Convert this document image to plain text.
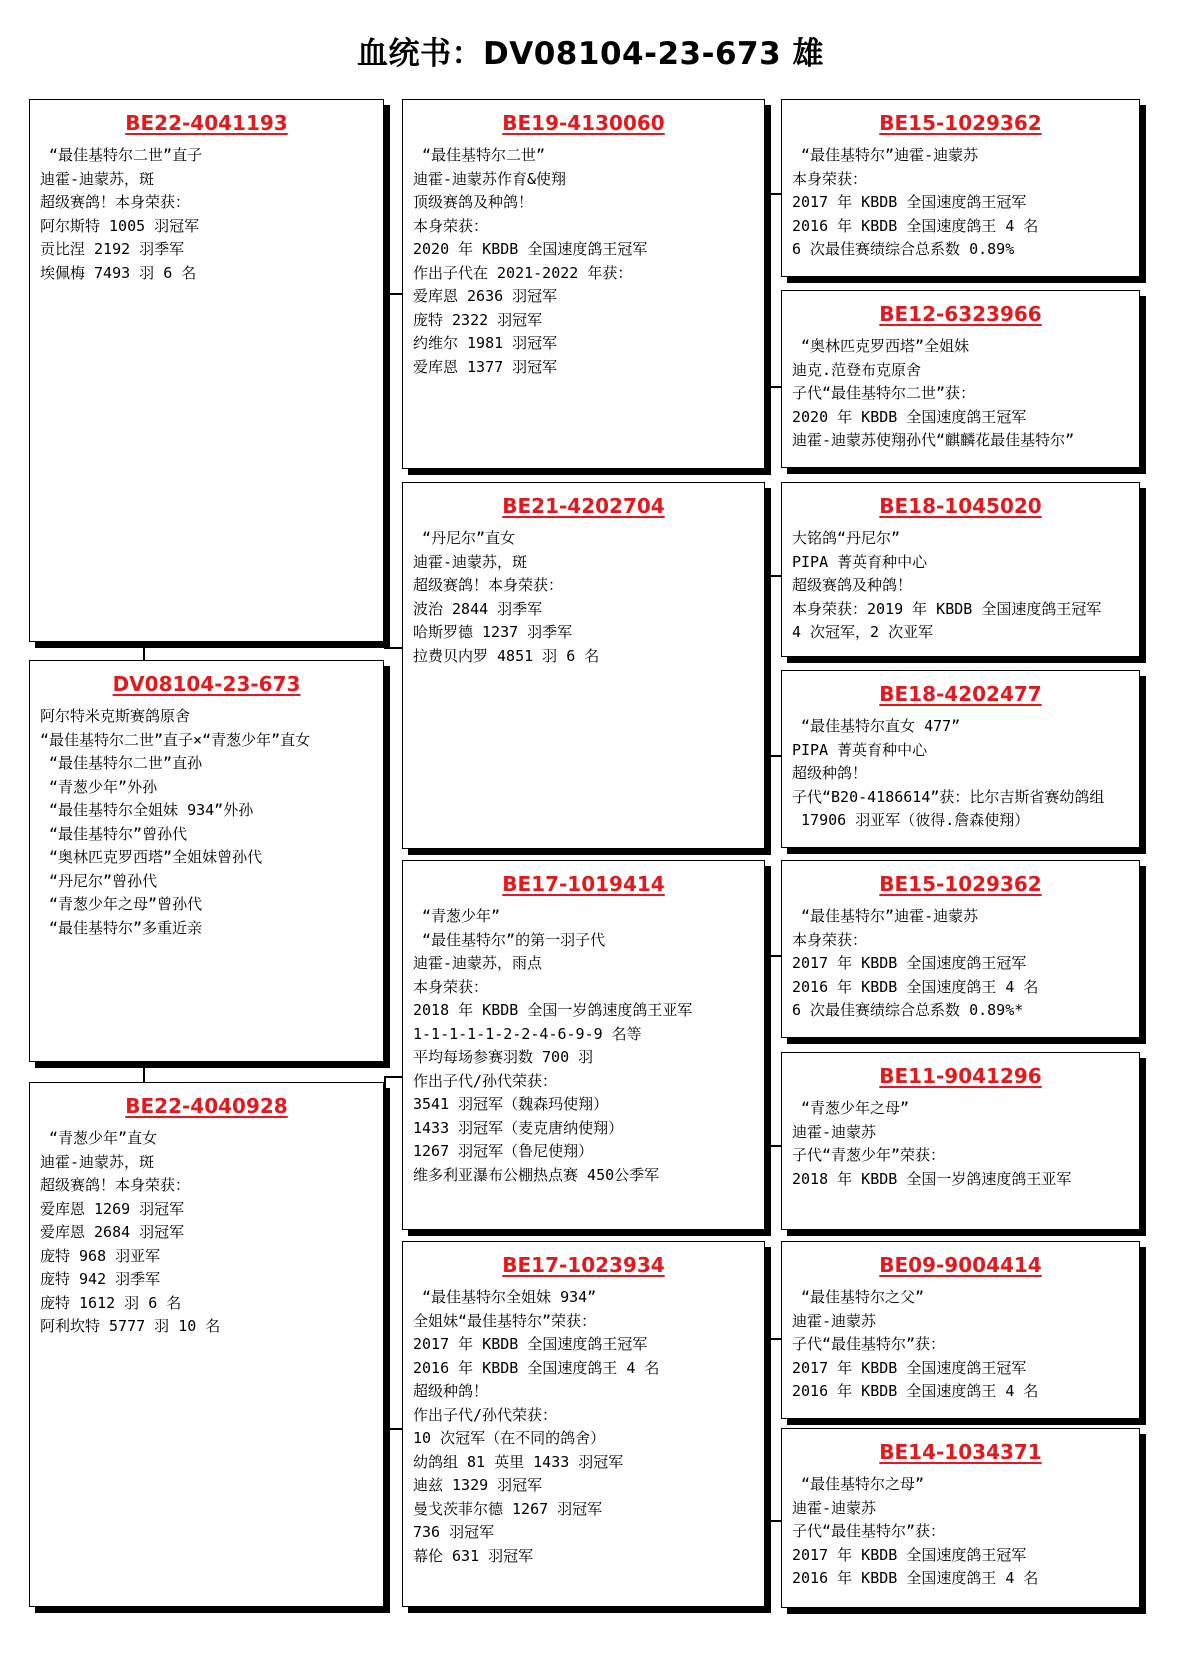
血统书：DV08104-23-673 雄
BE22-4041193
“最佳基特尔二世”直子
迪霍-迪蒙苏，斑
超级赛鸽！本身荣获：
阿尔斯特 1005 羽冠军
贡比涅 2192 羽季军
埃佩梅 7493 羽 6 名
DV08104-23-673
阿尔特米克斯赛鸽原舍
“最佳基特尔二世”直子×“青葱少年”直女
“最佳基特尔二世”直孙
“青葱少年”外孙
“最佳基特尔全姐妹 934”外孙
“最佳基特尔”曾孙代
“奥林匹克罗西塔”全姐妹曾孙代
“丹尼尔”曾孙代
“青葱少年之母”曾孙代
“最佳基特尔”多重近亲
BE22-4040928
“青葱少年”直女
迪霍-迪蒙苏，斑
超级赛鸽！本身荣获：
爱库恩 1269 羽冠军
爱库恩 2684 羽冠军
庞特 968 羽亚军
庞特 942 羽季军
庞特 1612 羽 6 名
阿利坎特 5777 羽 10 名
BE19-4130060
“最佳基特尔二世”
迪霍-迪蒙苏作育&使翔
顶级赛鸽及种鸽！
本身荣获：
2020 年 KBDB 全国速度鸽王冠军
作出子代在 2021-2022 年获：
爱库恩 2636 羽冠军
庞特 2322 羽冠军
约维尔 1981 羽冠军
爱库恩 1377 羽冠军
BE21-4202704
“丹尼尔”直女
迪霍-迪蒙苏，斑
超级赛鸽！本身荣获：
波治 2844 羽季军
哈斯罗德 1237 羽季军
拉费贝内罗 4851 羽 6 名
BE17-1019414
“青葱少年”
“最佳基特尔”的第一羽子代
迪霍-迪蒙苏，雨点
本身荣获：
2018 年 KBDB 全国一岁鸽速度鸽王亚军
1-1-1-1-1-2-2-4-6-9-9 名等
平均每场参赛羽数 700 羽
作出子代/孙代荣获：
3541 羽冠军（魏森玛使翔）
1433 羽冠军（麦克唐纳使翔）
1267 羽冠军（鲁尼使翔）
维多利亚瀑布公棚热点赛 450公季军
BE17-1023934
“最佳基特尔全姐妹 934”
全姐妹“最佳基特尔”荣获：
2017 年 KBDB 全国速度鸽王冠军
2016 年 KBDB 全国速度鸽王 4 名
超级种鸽！
作出子代/孙代荣获：
10 次冠军（在不同的鸽舍）
幼鸽组 81 英里 1433 羽冠军
迪兹 1329 羽冠军
曼戈茨菲尔德 1267 羽冠军
736 羽冠军
幕伦 631 羽冠军
BE15-1029362
“最佳基特尔”迪霍-迪蒙苏
本身荣获：
2017 年 KBDB 全国速度鸽王冠军
2016 年 KBDB 全国速度鸽王 4 名
6 次最佳赛绩综合总系数 0.89%
BE12-6323966
“奥林匹克罗西塔”全姐妹
迪克.范登布克原舍
子代“最佳基特尔二世”获：
2020 年 KBDB 全国速度鸽王冠军
迪霍-迪蒙苏使翔孙代“麒麟花最佳基特尔”
BE18-1045020
大铭鸽“丹尼尔”
PIPA 菁英育种中心
超级赛鸽及种鸽！
本身荣获：2019 年 KBDB 全国速度鸽王冠军
4 次冠军，2 次亚军
BE18-4202477
“最佳基特尔直女 477”
PIPA 菁英育种中心
超级种鸽！
子代“B20-4186614”获：比尔吉斯省赛幼鸽组
17906 羽亚军（彼得.詹森使翔）
BE15-1029362
“最佳基特尔”迪霍-迪蒙苏
本身荣获：
2017 年 KBDB 全国速度鸽王冠军
2016 年 KBDB 全国速度鸽王 4 名
6 次最佳赛绩综合总系数 0.89%*
BE11-9041296
“青葱少年之母”
迪霍-迪蒙苏
子代“青葱少年”荣获：
2018 年 KBDB 全国一岁鸽速度鸽王亚军
BE09-9004414
“最佳基特尔之父”
迪霍-迪蒙苏
子代“最佳基特尔”获：
2017 年 KBDB 全国速度鸽王冠军
2016 年 KBDB 全国速度鸽王 4 名
BE14-1034371
“最佳基特尔之母”
迪霍-迪蒙苏
子代“最佳基特尔”获：
2017 年 KBDB 全国速度鸽王冠军
2016 年 KBDB 全国速度鸽王 4 名
